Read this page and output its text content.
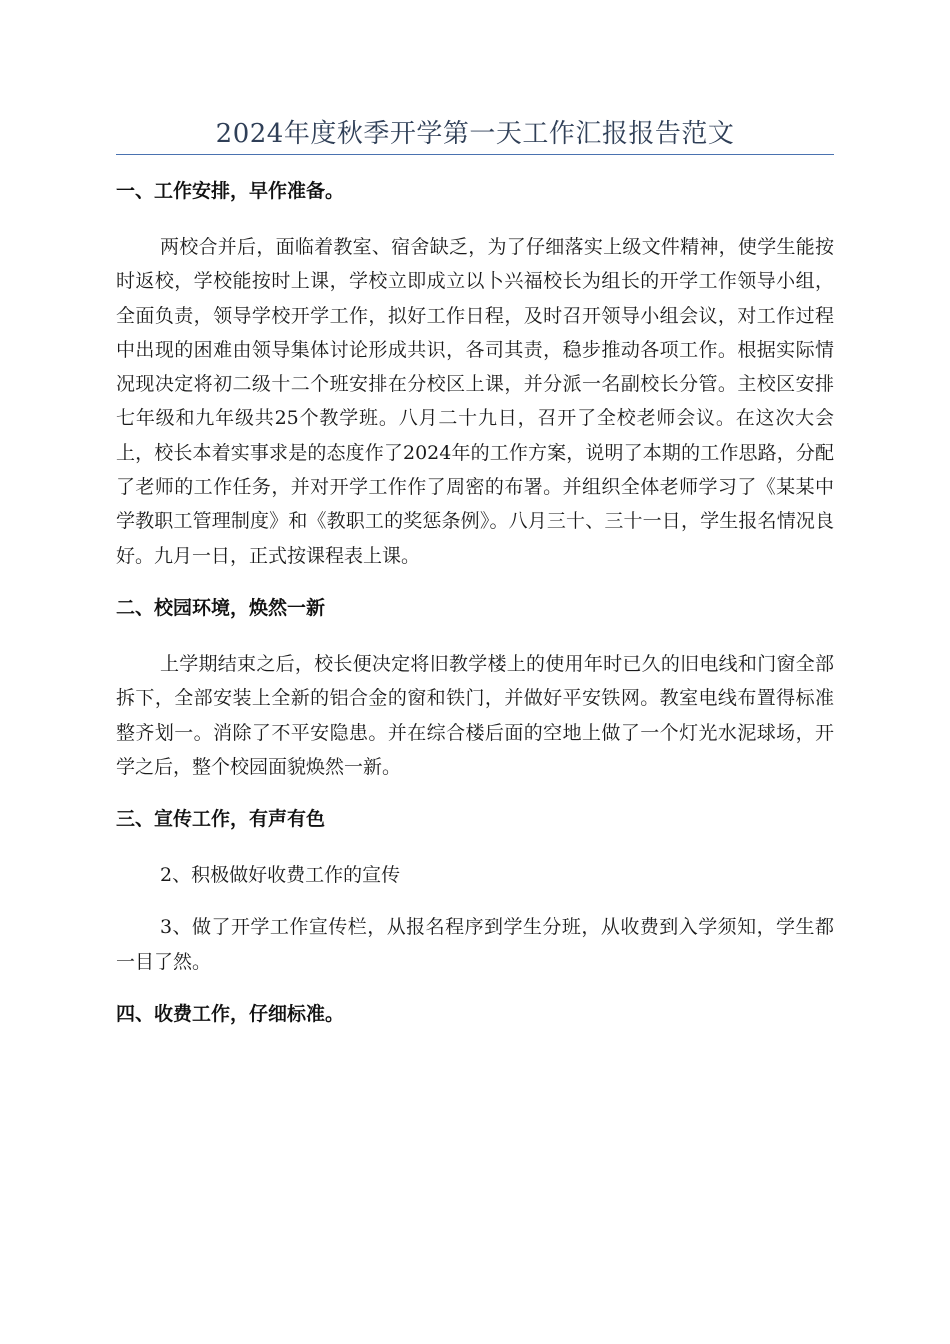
2024年度秋季开学第一天工作汇报报告范文
一、工作安排，早作准备。

两校合并后，面临着教室、宿舍缺乏，为了仔细落实上级文件精神，使学生能按时返校，学校能按时上课，学校立即成立以卜兴福校长为组长的开学工作领导小组，全面负责，领导学校开学工作，拟好工作日程，及时召开领导小组会议，对工作过程中出现的困难由领导集体讨论形成共识，各司其责，稳步推动各项工作。根据实际情况现决定将初二级十二个班安排在分校区上课，并分派一名副校长分管。主校区安排七年级和九年级共25个教学班。八月二十九日，召开了全校老师会议。在这次大会上，校长本着实事求是的态度作了2024年的工作方案，说明了本期的工作思路，分配了老师的工作任务，并对开学工作作了周密的布署。并组织全体老师学习了《某某中学教职工管理制度》和《教职工的奖惩条例》。八月三十、三十一日，学生报名情况良好。九月一日，正式按课程表上课。

二、校园环境，焕然一新

上学期结束之后，校长便决定将旧教学楼上的使用年时已久的旧电线和门窗全部拆下，全部安装上全新的铝合金的窗和铁门，并做好平安铁网。教室电线布置得标准整齐划一。消除了不平安隐患。并在综合楼后面的空地上做了一个灯光水泥球场，开学之后，整个校园面貌焕然一新。

三、宣传工作，有声有色

2、积极做好收费工作的宣传

3、做了开学工作宣传栏，从报名程序到学生分班，从收费到入学须知，学生都一目了然。

四、收费工作，仔细标准。
